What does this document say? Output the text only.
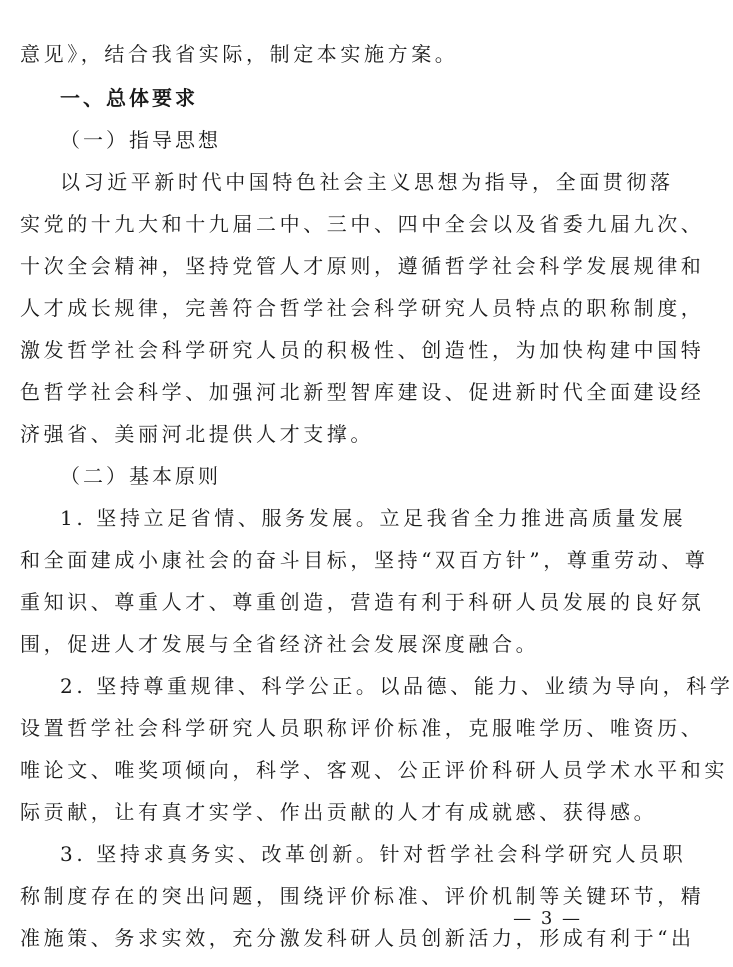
意见》，结合我省实际，制定本实施方案。
一、总体要求
（一）指导思想
以习近平新时代中国特色社会主义思想为指导，全面贯彻落
实党的十九大和十九届二中、三中、四中全会以及省委九届九次、
十次全会精神，坚持党管人才原则，遵循哲学社会科学发展规律和
人才成长规律，完善符合哲学社会科学研究人员特点的职称制度，
激发哲学社会科学研究人员的积极性、创造性，为加快构建中国特
色哲学社会科学、加强河北新型智库建设、促进新时代全面建设经
济强省、美丽河北提供人才支撑。
（二）基本原则
1. 坚持立足省情、服务发展。立足我省全力推进高质量发展
和全面建成小康社会的奋斗目标，坚持“双百方针”，尊重劳动、尊
重知识、尊重人才、尊重创造，营造有利于科研人员发展的良好氛
围，促进人才发展与全省经济社会发展深度融合。
2. 坚持尊重规律、科学公正。以品德、能力、业绩为导向，科学
设置哲学社会科学研究人员职称评价标准，克服唯学历、唯资历、
唯论文、唯奖项倾向，科学、客观、公正评价科研人员学术水平和实
际贡献，让有真才实学、作出贡献的人才有成就感、获得感。
3. 坚持求真务实、改革创新。针对哲学社会科学研究人员职
称制度存在的突出问题，围绕评价标准、评价机制等关键环节，精
准施策、务求实效，充分激发科研人员创新活力，形成有利于“出
— 3 —
